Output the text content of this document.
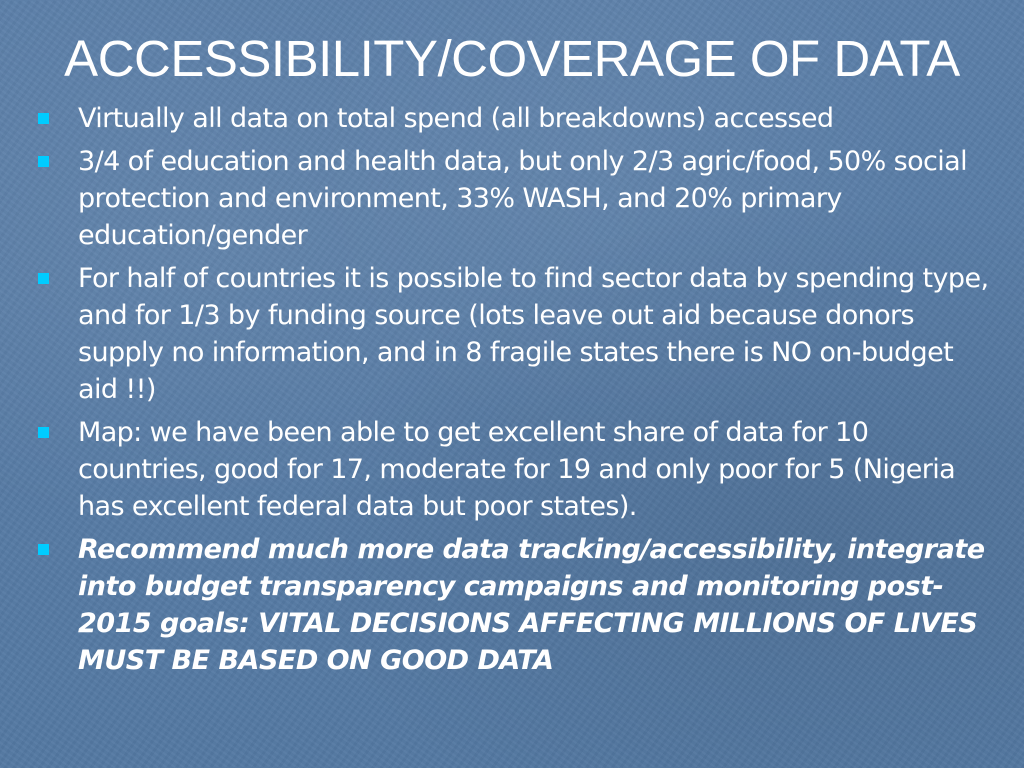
ACCESSIBILITY/COVERAGE OF DATA
Virtually all data on total spend (all breakdowns) accessed
3/4 of education and health data, but only 2/3 agric/food, 50% social protection and environment, 33% WASH, and 20% primary education/gender
For half of countries it is possible to find sector data by spending type, and for 1/3 by funding source (lots leave out aid because donors supply no information, and in 8 fragile states there is NO on-budget aid !!)
Map: we have been able to get excellent share of data for 10 countries, good for 17, moderate for 19 and only poor for 5 (Nigeria has excellent federal data but poor states).
Recommend much more data tracking/accessibility, integrate into budget transparency campaigns and monitoring post-2015 goals: VITAL DECISIONS AFFECTING MILLIONS OF LIVES MUST BE BASED ON GOOD DATA
